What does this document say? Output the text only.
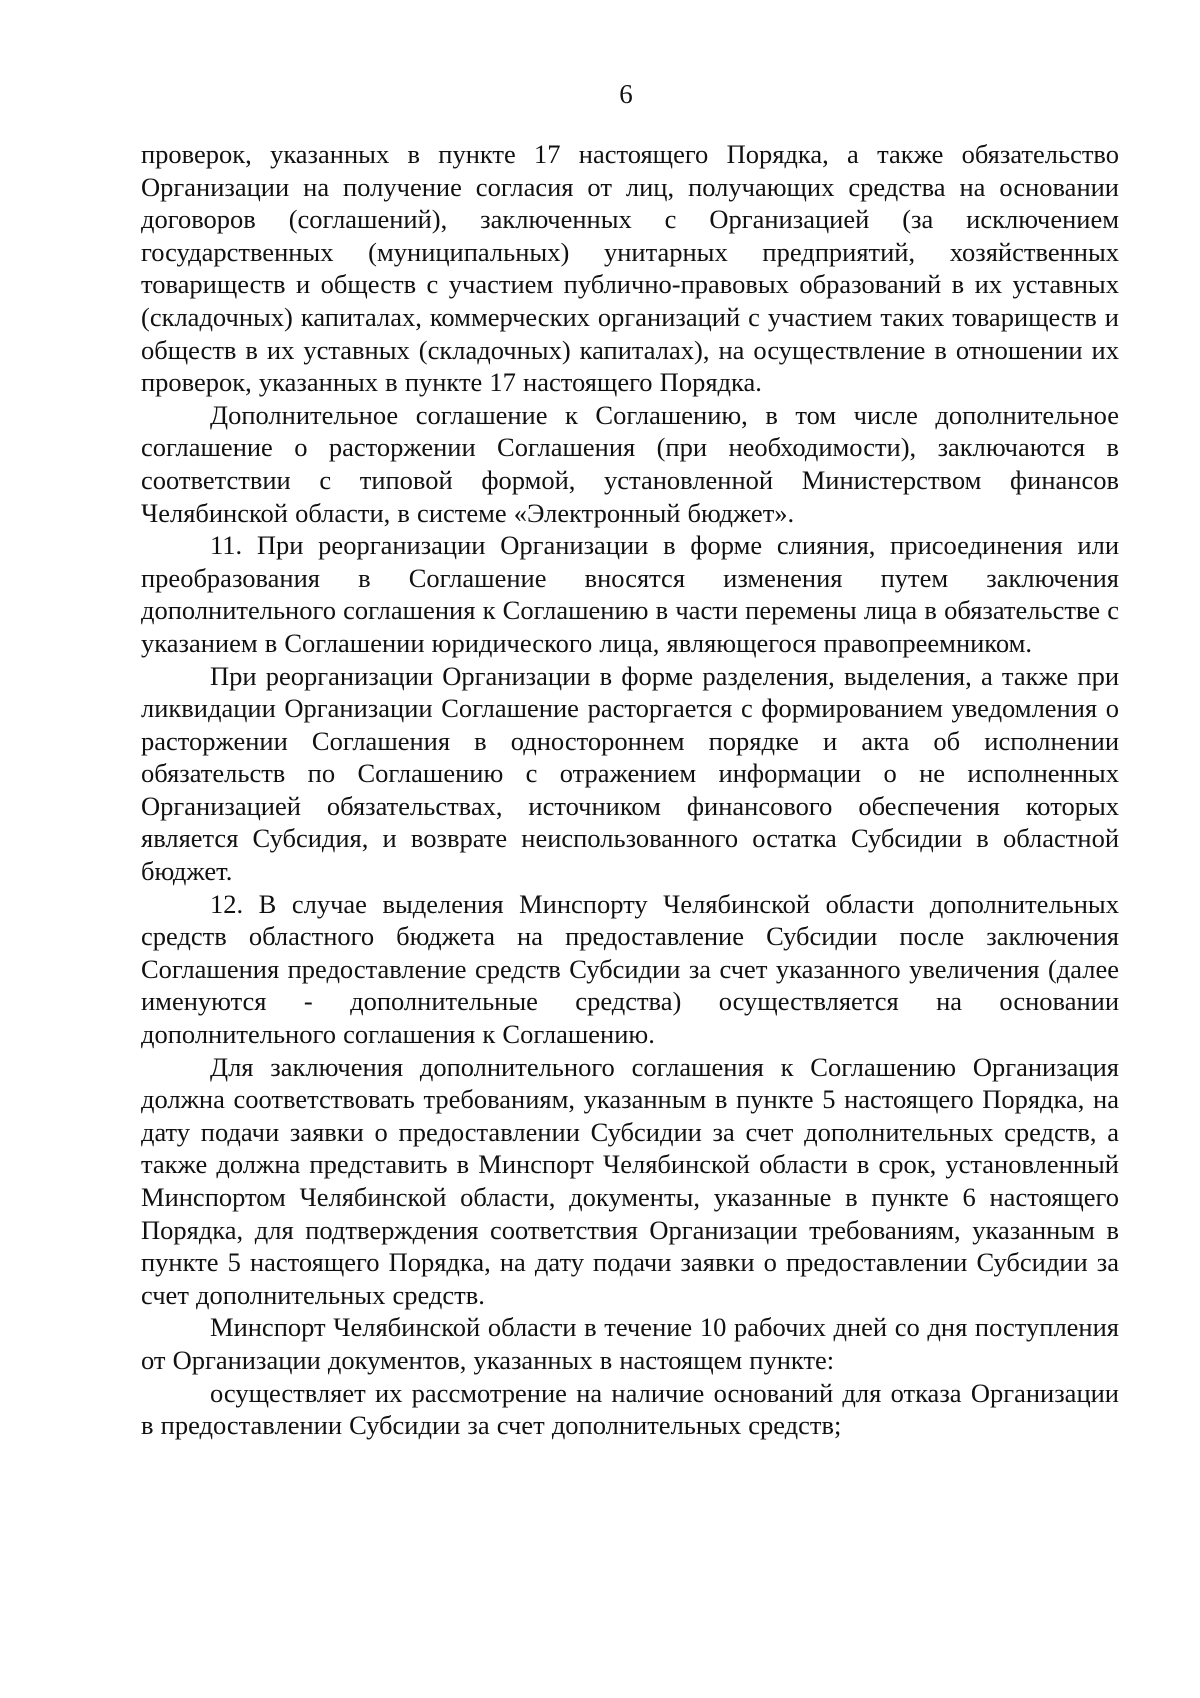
6

проверок, указанных в пункте 17 настоящего Порядка, а также обязательство Организации на получение согласия от лиц, получающих средства на основании договоров (соглашений), заключенных с Организацией (за исключением государственных (муниципальных) унитарных предприятий, хозяйственных товариществ и обществ с участием публично-правовых образований в их уставных (складочных) капиталах, коммерческих организаций с участием таких товариществ и обществ в их уставных (складочных) капиталах), на осуществление в отношении их проверок, указанных в пункте 17 настоящего Порядка.

Дополнительное соглашение к Соглашению, в том числе дополнительное соглашение о расторжении Соглашения (при необходимости), заключаются в соответствии с типовой формой, установленной Министерством финансов Челябинской области, в системе «Электронный бюджет».

11. При реорганизации Организации в форме слияния, присоединения или преобразования в Соглашение вносятся изменения путем заключения дополнительного соглашения к Соглашению в части перемены лица в обязательстве с указанием в Соглашении юридического лица, являющегося правопреемником.

При реорганизации Организации в форме разделения, выделения, а также при ликвидации Организации Соглашение расторгается с формированием уведомления о расторжении Соглашения в одностороннем порядке и акта об исполнении обязательств по Соглашению с отражением информации о не исполненных Организацией обязательствах, источником финансового обеспечения которых является Субсидия, и возврате неиспользованного остатка Субсидии в областной бюджет.

12. В случае выделения Минспорту Челябинской области дополнительных средств областного бюджета на предоставление Субсидии после заключения Соглашения предоставление средств Субсидии за счет указанного увеличения (далее именуются - дополнительные средства) осуществляется на основании дополнительного соглашения к Соглашению.

Для заключения дополнительного соглашения к Соглашению Организация должна соответствовать требованиям, указанным в пункте 5 настоящего Порядка, на дату подачи заявки о предоставлении Субсидии за счет дополнительных средств, а также должна представить в Минспорт Челябинской области в срок, установленный Минспортом Челябинской области, документы, указанные в пункте 6 настоящего Порядка, для подтверждения соответствия Организации требованиям, указанным в пункте 5 настоящего Порядка, на дату подачи заявки о предоставлении Субсидии за счет дополнительных средств.

Минспорт Челябинской области в течение 10 рабочих дней со дня поступления от Организации документов, указанных в настоящем пункте:

осуществляет их рассмотрение на наличие оснований для отказа Организации в предоставлении Субсидии за счет дополнительных средств;
